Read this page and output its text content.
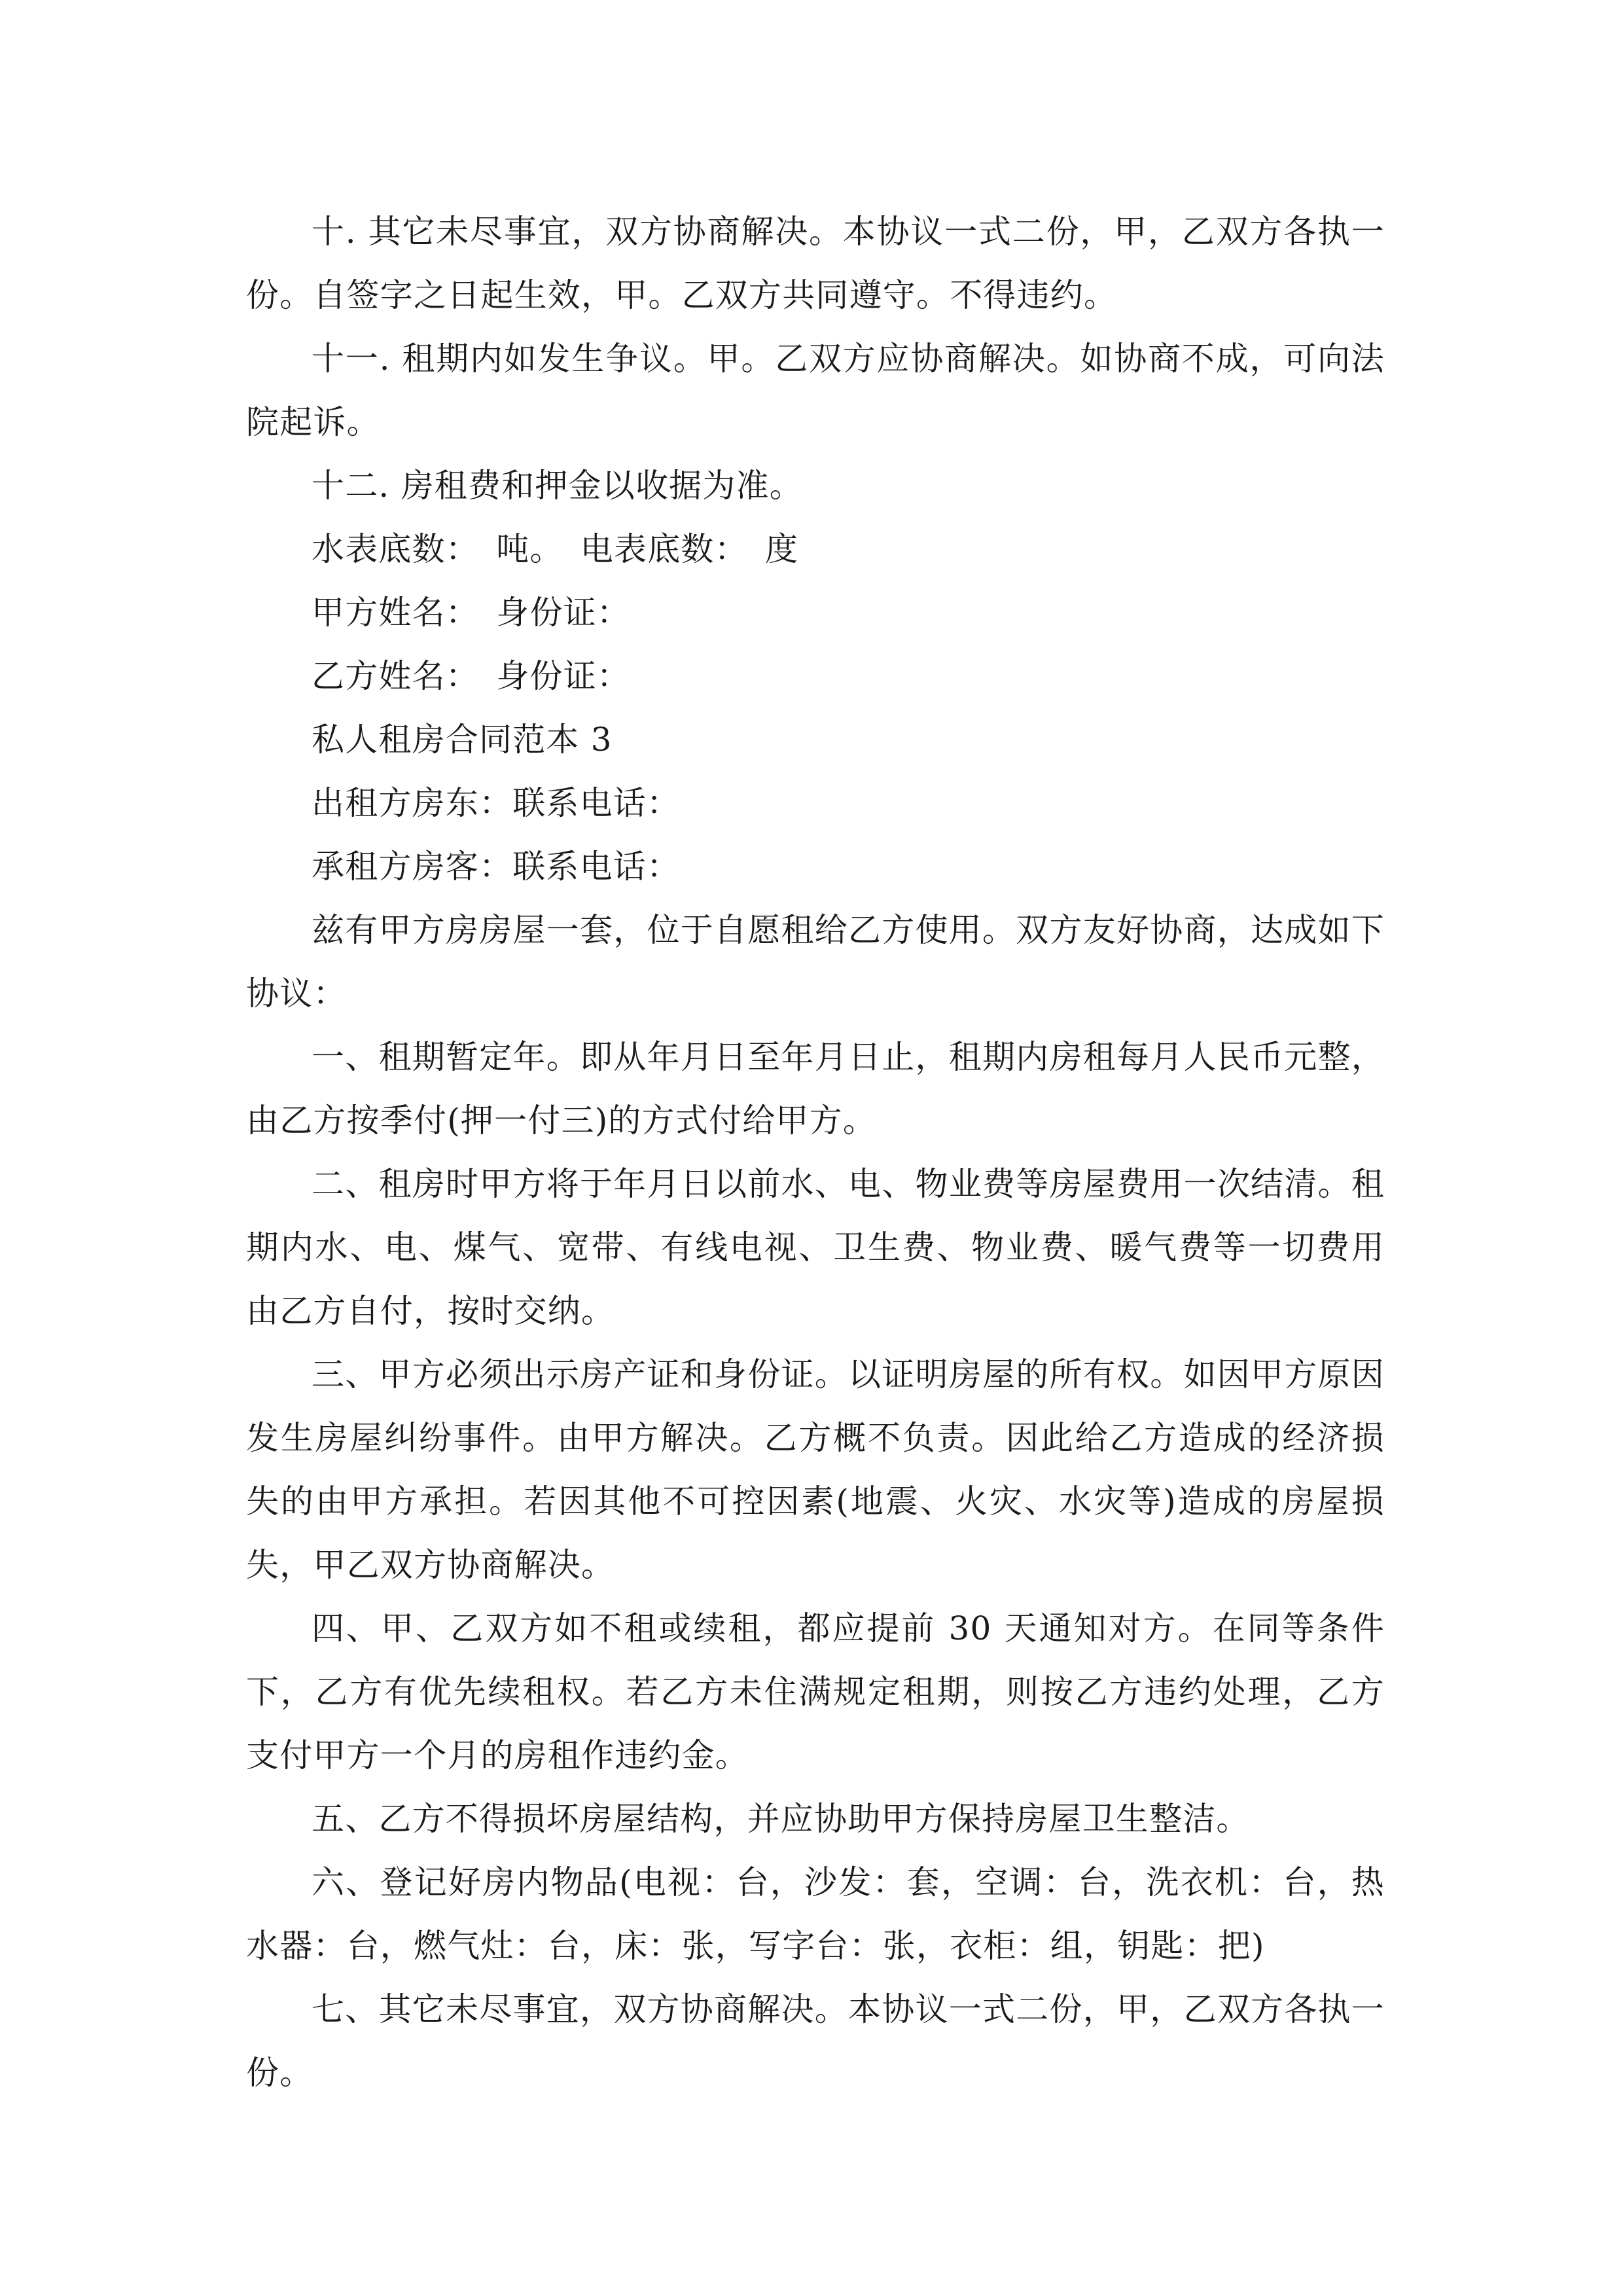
十. 其它未尽事宜，双方协商解决。本协议一式二份，甲，乙双方各执一份。自签字之日起生效，甲。乙双方共同遵守。不得违约。

十一. 租期内如发生争议。甲。乙双方应协商解决。如协商不成，可向法院起诉。

十二. 房租费和押金以收据为准。

水表底数：　吨。　电表底数：　度

甲方姓名：　身份证：

乙方姓名：　身份证：

私人租房合同范本 3

出租方房东：联系电话：

承租方房客：联系电话：

兹有甲方房房屋一套，位于自愿租给乙方使用。双方友好协商，达成如下协议：

一、租期暂定年。即从年月日至年月日止，租期内房租每月人民币元整，由乙方按季付(押一付三)的方式付给甲方。

二、租房时甲方将于年月日以前水、电、物业费等房屋费用一次结清。租期内水、电、煤气、宽带、有线电视、卫生费、物业费、暖气费等一切费用由乙方自付，按时交纳。

三、甲方必须出示房产证和身份证。以证明房屋的所有权。如因甲方原因发生房屋纠纷事件。由甲方解决。乙方概不负责。因此给乙方造成的经济损失的由甲方承担。若因其他不可控因素(地震、火灾、水灾等)造成的房屋损失，甲乙双方协商解决。

四、甲、乙双方如不租或续租，都应提前 30 天通知对方。在同等条件下，乙方有优先续租权。若乙方未住满规定租期，则按乙方违约处理，乙方支付甲方一个月的房租作违约金。

五、乙方不得损坏房屋结构，并应协助甲方保持房屋卫生整洁。

六、登记好房内物品(电视：台，沙发：套，空调：台，洗衣机：台，热水器：台，燃气灶：台，床：张，写字台：张，衣柜：组，钥匙：把)

七、其它未尽事宜，双方协商解决。本协议一式二份，甲，乙双方各执一份。
